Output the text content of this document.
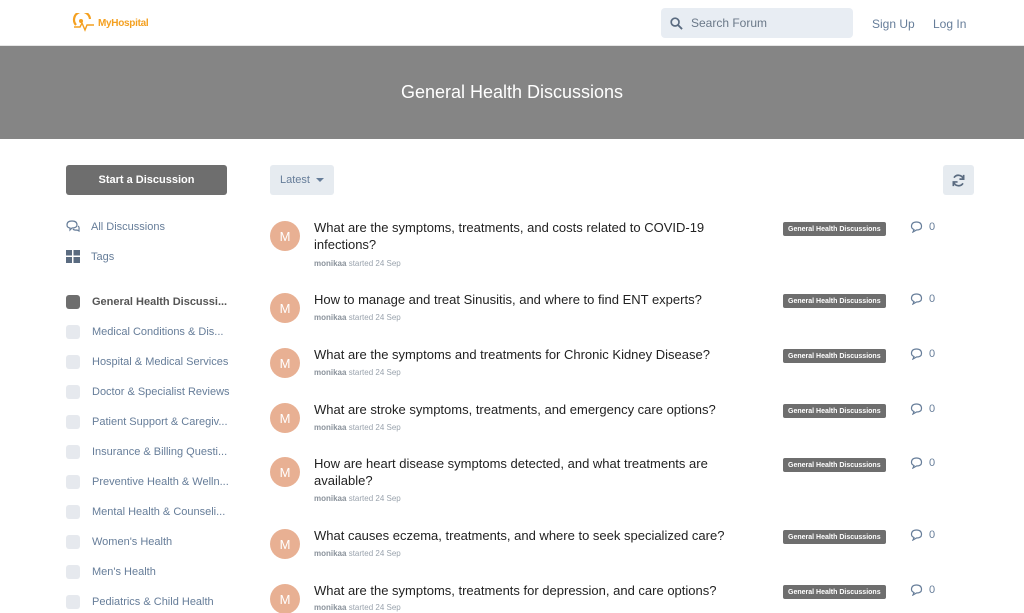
MyHospital
Search Forum	Sign Up Log In
General Health Discussions
Start a Discussion
All Discussions
Tags
General Health Discussi...
Medical Conditions & Dis...
Hospital & Medical Services
Doctor & Specialist Reviews
Patient Support & Caregiv...
Insurance & Billing Questi...
Preventive Health & Welln...
Mental Health & Counseli...
Women's Health
Men's Health
Pediatrics & Child Health
Latest
M
What are the symptoms, treatments, and costs related to COVID-19 infections?
monikaa started 24 Sep
General Health Discussions	0
M
How to manage and treat Sinusitis, and where to find ENT experts?
monikaa started 24 Sep
General Health Discussions	0
M
What are the symptoms and treatments for Chronic Kidney Disease?
monikaa started 24 Sep
General Health Discussions	0
M
What are stroke symptoms, treatments, and emergency care options?
monikaa started 24 Sep
General Health Discussions	0
M
How are heart disease symptoms detected, and what treatments are available?
monikaa started 24 Sep
General Health Discussions	0
M
What causes eczema, treatments, and where to seek specialized care?
monikaa started 24 Sep
General Health Discussions	0
M
What are the symptoms, treatments for depression, and care options?
monikaa started 24 Sep
General Health Discussions	0
